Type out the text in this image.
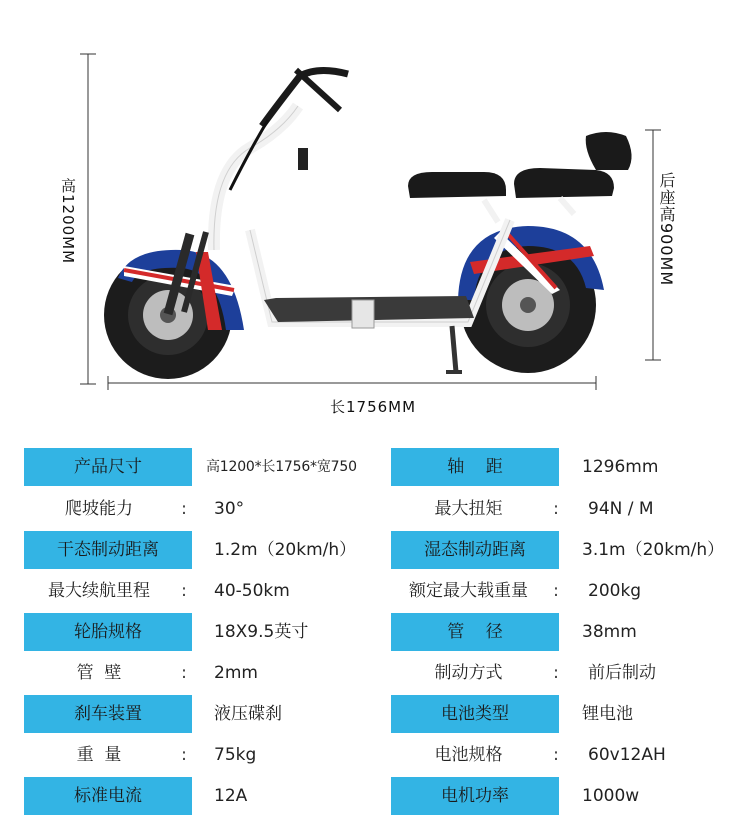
高1200MM	后座高900MM
长1756MM
产品尺寸	高1200*长1756*宽750	轴    距	1296mm
爬坡能力	:	30°	最大扭矩	:	94N / M
干态制动距离	1.2m（20km/h）	湿态制动距离	3.1m（20km/h）
最大续航里程	:	40-50km	额定最大载重量	:	200kg
轮胎规格	18X9.5英寸	管    径	38mm
管  壁	:	2mm	制动方式	:	前后制动
刹车装置	液压碟刹	电池类型	锂电池
重  量	:	75kg	电池规格	:	60v12AH
标准电流	12A	电机功率	1000w
